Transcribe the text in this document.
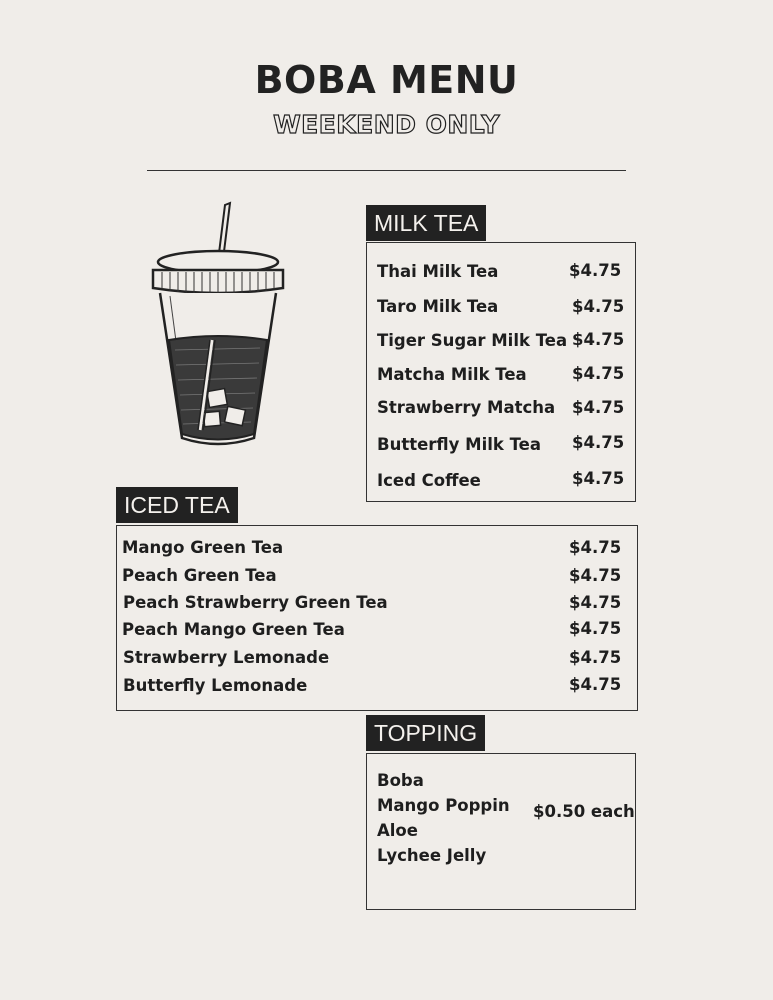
BOBA MENU
WEEKEND ONLY
MILK TEA
Thai Milk Tea	$4.75
Taro Milk Tea	$4.75
Tiger Sugar Milk Tea $4.75
Matcha Milk Tea	$4.75
Strawberry Matcha $4.75
Butterfly Milk Tea $4.75
Iced Coffee	$4.75
ICED TEA
Mango Green Tea	$4.75
Peach Green Tea	$4.75
Peach Strawberry Green Tea	$4.75
Peach Mango Green Tea	$4.75
Strawberry Lemonade	$4.75
Butterfly Lemonade	$4.75
TOPPING
Boba
Mango Poppin
Aloe
Lychee Jelly
$0.50 each
